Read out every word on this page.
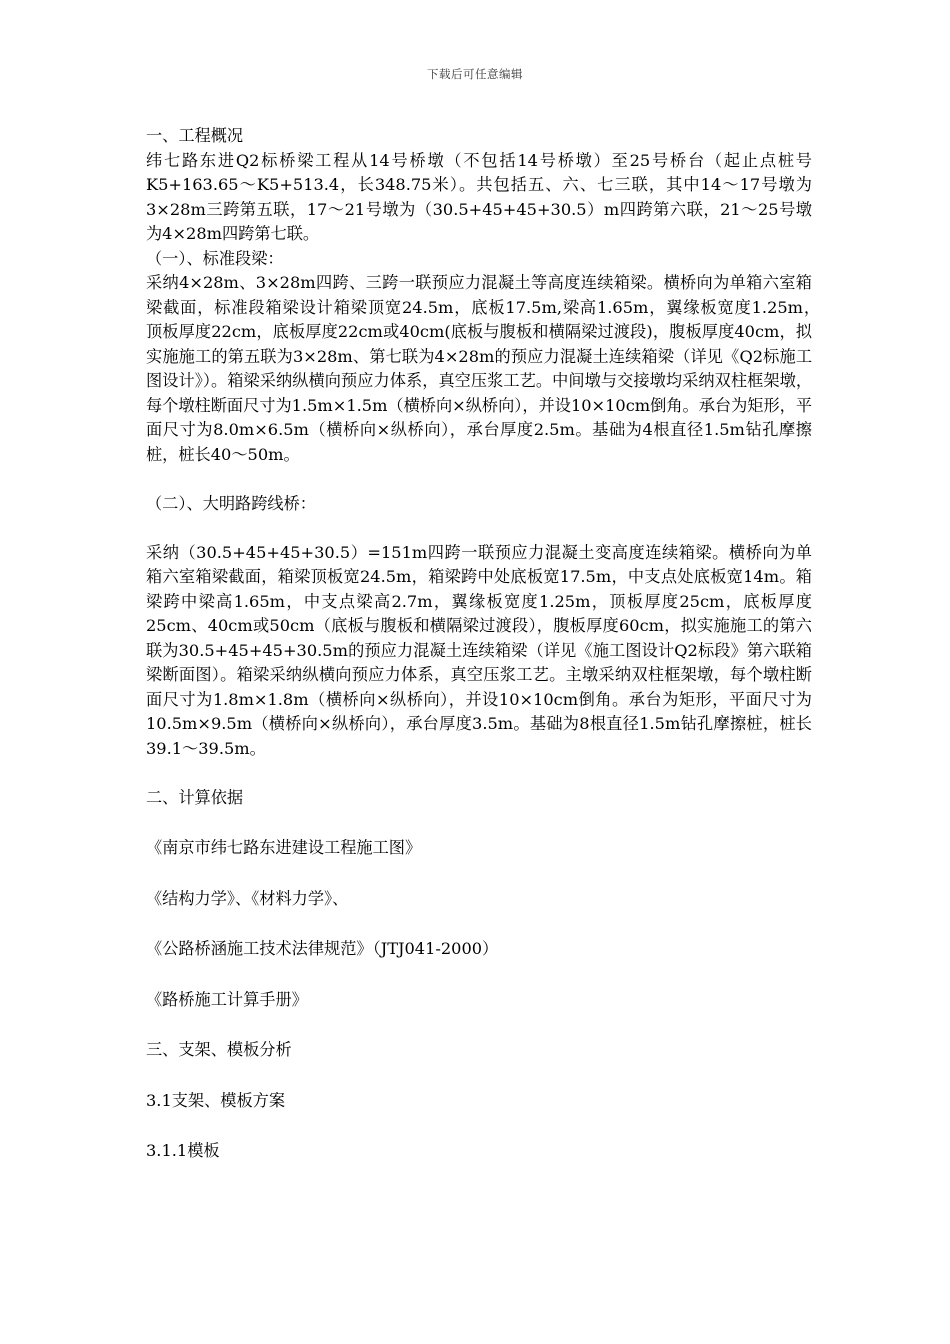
下载后可任意编辑

一、工程概况

纬七路东进Q2标桥梁工程从14号桥墩（不包括14号桥墩）至25号桥台（起止点桩号K5+163.65～K5+513.4，长348.75米）。共包括五、六、七三联，其中14～17号墩为3×28m三跨第五联，17～21号墩为（30.5+45+45+30.5）m四跨第六联，21～25号墩为4×28m四跨第七联。

（一）、标准段梁：

采纳4×28m、3×28m四跨、三跨一联预应力混凝土等高度连续箱梁。横桥向为单箱六室箱梁截面，标准段箱梁设计箱梁顶宽24.5m，底板17.5m,梁高1.65m，翼缘板宽度1.25m，　顶板厚度22cm，底板厚度22cm或40cm(底板与腹板和横隔梁过渡段)，腹板厚度40cm，拟实施施工的第五联为3×28m、第七联为4×28m的预应力混凝土连续箱梁（详见《Q2标施工图设计》）。箱梁采纳纵横向预应力体系，真空压浆工艺。中间墩与交接墩均采纳双柱框架墩，每个墩柱断面尺寸为1.5m×1.5m（横桥向×纵桥向），并设10×10cm倒角。承台为矩形，平面尺寸为8.0m×6.5m（横桥向×纵桥向），承台厚度2.5m。基础为4根直径1.5m钻孔摩擦桩，桩长40～50m。

（二）、大明路跨线桥：

采纳（30.5+45+45+30.5）=151m四跨一联预应力混凝土变高度连续箱梁。横桥向为单箱六室箱梁截面，箱梁顶板宽24.5m，箱梁跨中处底板宽17.5m，中支点处底板宽14m。箱梁跨中梁高1.65m，中支点梁高2.7m，翼缘板宽度1.25m，顶板厚度25cm，底板厚度25cm、40cm或50cm（底板与腹板和横隔梁过渡段），腹板厚度60cm，拟实施施工的第六联为30.5+45+45+30.5m的预应力混凝土连续箱梁（详见《施工图设计Q2标段》第六联箱梁断面图）。箱梁采纳纵横向预应力体系，真空压浆工艺。主墩采纳双柱框架墩，每个墩柱断面尺寸为1.8m×1.8m（横桥向×纵桥向），并设10×10cm倒角。承台为矩形，平面尺寸为10.5m×9.5m（横桥向×纵桥向），承台厚度3.5m。基础为8根直径1.5m钻孔摩擦桩，桩长39.1～39.5m。

二、计算依据

《南京市纬七路东进建设工程施工图》

《结构力学》、《材料力学》、

《公路桥涵施工技术法律规范》（JTJ041-2000）

《路桥施工计算手册》

三、支架、模板分析

3.1支架、模板方案

3.1.1模板
